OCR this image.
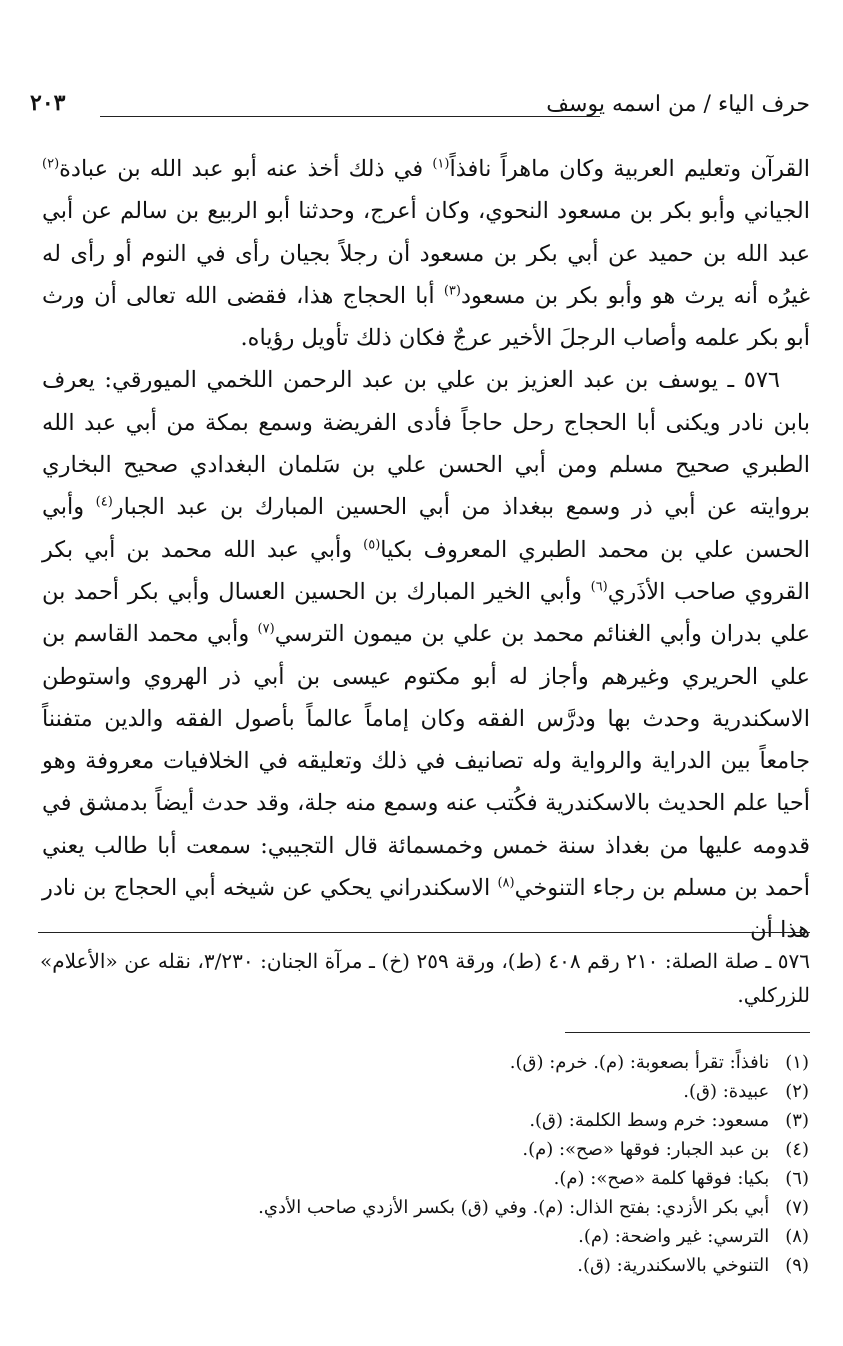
حرف الياء / من اسمه يوسف
٢٠٣

القرآن وتعليم العربية وكان ماهراً نافذاً$^{(١)}$ في ذلك أخذ عنه أبو عبد الله بن عبادة$^{(٢)}$ الجياني وأبو بكر بن مسعود النحوي، وكان أعرج، وحدثنا أبو الربيع بن سالم عن أبي عبد الله بن حميد عن أبي بكر بن مسعود أن رجلاً بجيان رأى في النوم أو رأى له غيرُه أنه يرث هو وأبو بكر بن مسعود$^{(٣)}$ أبا الحجاج هذا، فقضى الله تعالى أن ورث أبو بكر علمه وأصاب الرجلَ الأخير عرجٌ فكان ذلك تأويل رؤياه.

٥٧٦ ـ يوسف بن عبد العزيز بن علي بن عبد الرحمن اللخمي الميورقي: يعرف بابن نادر ويكنى أبا الحجاج رحل حاجاً فأدى الفريضة وسمع بمكة من أبي عبد الله الطبري صحيح مسلم ومن أبي الحسن علي بن سَلمان البغدادي صحيح البخاري بروايته عن أبي ذر وسمع ببغداذ من أبي الحسين المبارك بن عبد الجبار$^{(٤)}$ وأبي الحسن علي بن محمد الطبري المعروف بكيا$^{(٥)}$ وأبي عبد الله محمد بن أبي بكر القروي صاحب الأذَري$^{(٦)}$ وأبي الخير المبارك بن الحسين العسال وأبي بكر أحمد بن علي بدران وأبي الغنائم محمد بن علي بن ميمون الترسي$^{(٧)}$ وأبي محمد القاسم بن علي الحريري وغيرهم وأجاز له أبو مكتوم عيسى بن أبي ذر الهروي واستوطن الاسكندرية وحدث بها ودرَّس الفقه وكان إماماً عالماً بأصول الفقه والدين متفنناً جامعاً بين الدراية والرواية وله تصانيف في ذلك وتعليقه في الخلافيات معروفة وهو أحيا علم الحديث بالاسكندرية فكُتب عنه وسمع منه جلة، وقد حدث أيضاً بدمشق في قدومه عليها من بغداذ سنة خمس وخمسمائة قال التجيبي: سمعت أبا طالب يعني أحمد بن مسلم بن رجاء التنوخي$^{(٨)}$ الاسكندراني يحكي عن شيخه أبي الحجاج بن نادر هذا أن

٥٧٦ ـ صلة الصلة: ٢١٠ رقم ٤٠٨ (ط)، ورقة ٢٥٩ (خ) ـ مرآة الجنان: ٣/٢٣٠، نقله عن «الأعلام» للزركلي.
(١) نافذاً: تقرأ بصعوبة: (م). خرم: (ق).
(٢) عبيدة: (ق).
(٣) مسعود: خرم وسط الكلمة: (ق).
(٤) بن عبد الجبار: فوقها «صح»: (م).
(٦) بكيا: فوقها كلمة «صح»: (م).
(٧) أبي بكر الأزدي: بفتح الذال: (م). وفي (ق) بكسر الأزدي صاحب الأدي.
(٨) الترسي: غير واضحة: (م).
(٩) التنوخي بالاسكندرية: (ق).
